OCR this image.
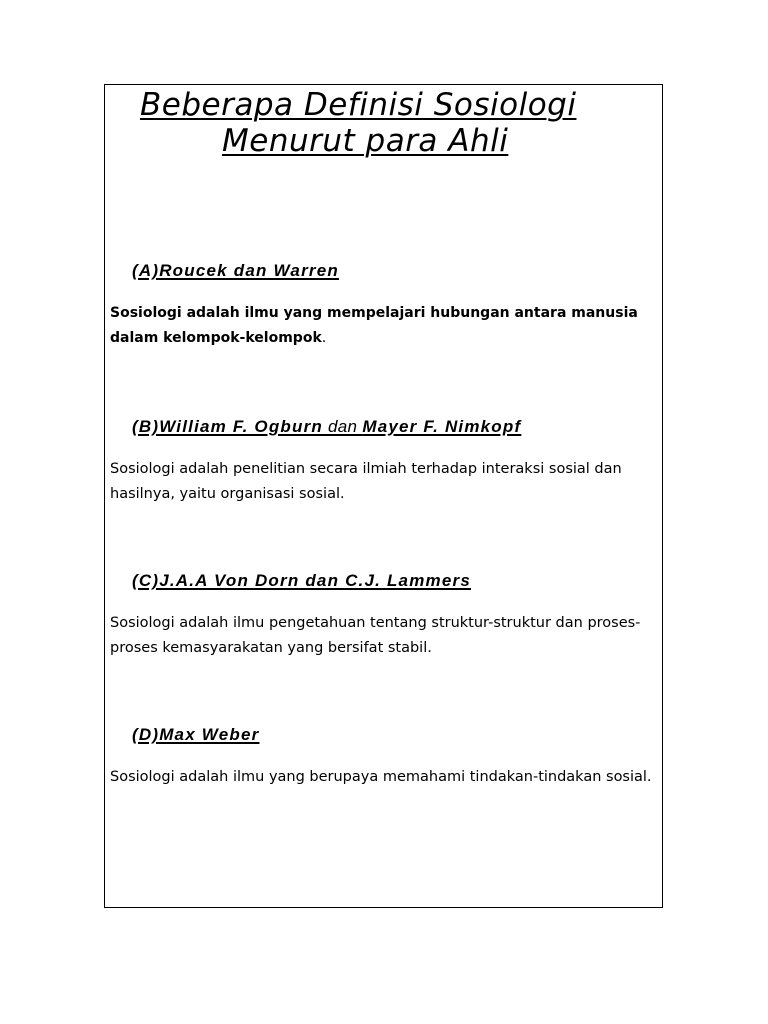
Beberapa Definisi Sosiologi
Menurut para Ahli
(A)Roucek dan Warren

Sosiologi adalah ilmu yang mempelajari hubungan antara manusia dalam kelompok-kelompok.

(B)William F. Ogburn dan Mayer F. Nimkopf

Sosiologi adalah penelitian secara ilmiah terhadap interaksi sosial dan hasilnya, yaitu organisasi sosial.

(C)J.A.A Von Dorn dan C.J. Lammers

Sosiologi adalah ilmu pengetahuan tentang struktur-struktur dan proses-proses kemasyarakatan yang bersifat stabil.

(D)Max Weber

Sosiologi adalah ilmu yang berupaya memahami tindakan-tindakan sosial.
